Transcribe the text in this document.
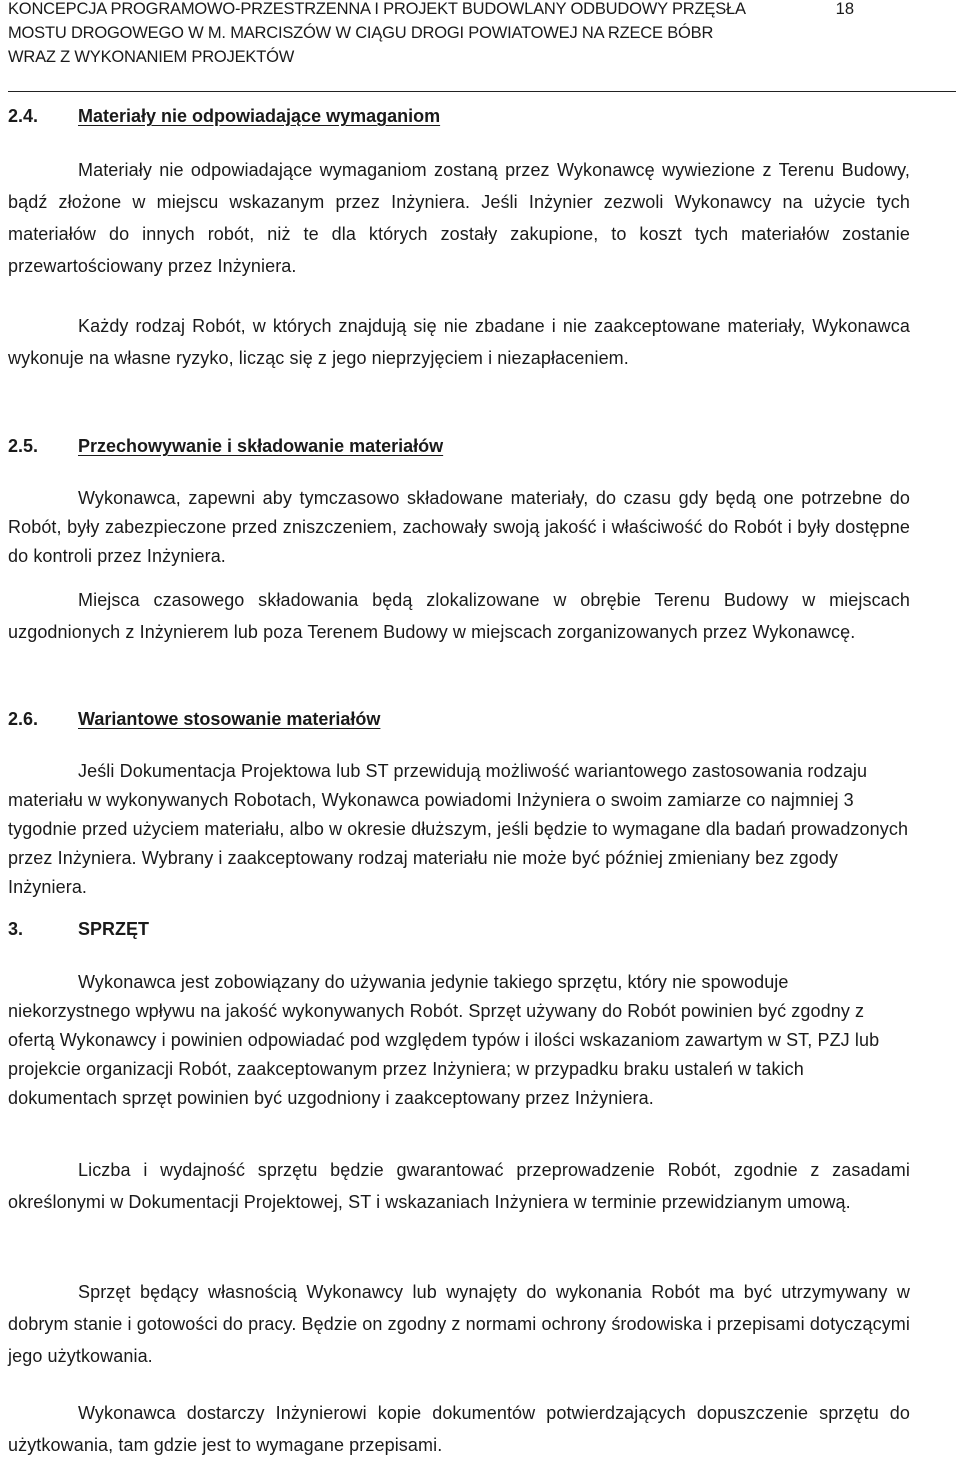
KONCEPCJA PROGRAMOWO-PRZESTRZENNA I PROJEKT BUDOWLANY ODBUDOWY PRZĘSŁA
MOSTU DROGOWEGO W M. MARCISZÓW W CIĄGU DROGI POWIATOWEJ NA RZECE BÓBR
WRAZ Z WYKONANIEM PROJEKTÓW
18
2.4. Materiały nie odpowiadające wymaganiom

Materiały nie odpowiadające wymaganiom zostaną przez Wykonawcę wywiezione z Terenu Budowy, bądź złożone w miejscu wskazanym przez Inżyniera. Jeśli Inżynier zezwoli Wykonawcy na użycie tych materiałów do innych robót, niż te dla których zostały zakupione, to koszt tych materiałów zostanie przewartościowany przez Inżyniera.

Każdy rodzaj Robót, w których znajdują się nie zbadane i nie zaakceptowane materiały, Wykonawca wykonuje na własne ryzyko, licząc się z jego nieprzyjęciem i niezapłaceniem.

2.5. Przechowywanie i składowanie materiałów

Wykonawca, zapewni aby tymczasowo składowane materiały, do czasu gdy będą one potrzebne do Robót, były zabezpieczone przed zniszczeniem, zachowały swoją jakość i właściwość do Robót i były dostępne do kontroli przez Inżyniera.

Miejsca czasowego składowania będą zlokalizowane w obrębie Terenu Budowy w miejscach uzgodnionych z Inżynierem lub poza Terenem Budowy w miejscach zorganizowanych przez Wykonawcę.

2.6. Wariantowe stosowanie materiałów

Jeśli Dokumentacja Projektowa lub ST przewidują możliwość wariantowego zastosowania rodzaju materiału w wykonywanych Robotach, Wykonawca powiadomi Inżyniera o swoim zamiarze co najmniej 3 tygodnie przed użyciem materiału, albo w okresie dłuższym, jeśli będzie to wymagane dla badań prowadzonych przez Inżyniera. Wybrany i zaakceptowany rodzaj materiału nie może być później zmieniany bez zgody Inżyniera.

3.	SPRZĘT

Wykonawca jest zobowiązany do używania jedynie takiego sprzętu, który nie spowoduje niekorzystnego wpływu na jakość wykonywanych Robót. Sprzęt używany do Robót powinien być zgodny z ofertą Wykonawcy i powinien odpowiadać pod względem typów i ilości wskazaniom zawartym w ST, PZJ lub projekcie organizacji Robót, zaakceptowanym przez Inżyniera; w przypadku braku ustaleń w takich dokumentach sprzęt powinien być uzgodniony i zaakceptowany przez Inżyniera.

Liczba i wydajność sprzętu będzie gwarantować przeprowadzenie Robót, zgodnie z zasadami określonymi w Dokumentacji Projektowej, ST i wskazaniach Inżyniera w terminie przewidzianym umową.

Sprzęt będący własnością Wykonawcy lub wynajęty do wykonania Robót ma być utrzymywany w dobrym stanie i gotowości do pracy. Będzie on zgodny z normami ochrony środowiska i przepisami dotyczącymi jego użytkowania.

Wykonawca dostarczy Inżynierowi kopie dokumentów potwierdzających dopuszczenie sprzętu do użytkowania, tam gdzie jest to wymagane przepisami.
